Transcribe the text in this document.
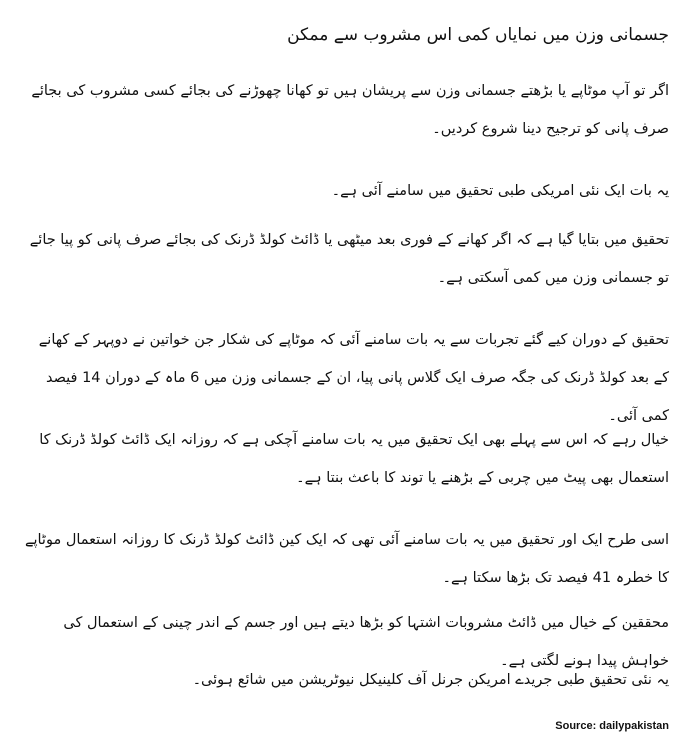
جسمانی وزن میں نمایاں کمی اس مشروب سے ممکن

اگر تو آپ موٹاپے یا بڑھتے جسمانی وزن سے پریشان ہیں تو کھانا چھوڑنے کی بجائے کسی مشروب کی بجائے صرف پانی کو ترجیح دینا شروع کردیں۔

یہ بات ایک نئی امریکی طبی تحقیق میں سامنے آئی ہے۔

تحقیق میں بتایا گیا ہے کہ اگر کھانے کے فوری بعد میٹھی یا ڈائٹ کولڈ ڈرنک کی بجائے صرف پانی کو پیا جائے تو جسمانی وزن میں کمی آسکتی ہے۔

تحقیق کے دوران کیے گئے تجربات سے یہ بات سامنے آئی کہ موٹاپے کی شکار جن خواتین نے دوپہر کے کھانے کے بعد کولڈ ڈرنک کی جگہ صرف ایک گلاس پانی پیا، ان کے جسمانی وزن میں 6 ماہ کے دوران 14 فیصد کمی آئی۔

خیال رہے کہ اس سے پہلے بھی ایک تحقیق میں یہ بات سامنے آچکی ہے کہ روزانہ ایک ڈائٹ کولڈ ڈرنک کا استعمال بھی پیٹ میں چربی کے بڑھنے یا توند کا باعث بنتا ہے۔

اسی طرح ایک اور تحقیق میں یہ بات سامنے آئی تھی کہ ایک کین ڈائٹ کولڈ ڈرنک کا روزانہ استعمال موٹاپے کا خطرہ 41 فیصد تک بڑھا سکتا ہے۔

محققین کے خیال میں ڈائٹ مشروبات اشتہا کو بڑھا دیتے ہیں اور جسم کے اندر چینی کے استعمال کی خواہش پیدا ہونے لگتی ہے۔

یہ نئی تحقیق طبی جریدے امریکن جرنل آف کلینیکل نیوٹریشن میں شائع ہوئی۔

Source: dailypakistan
